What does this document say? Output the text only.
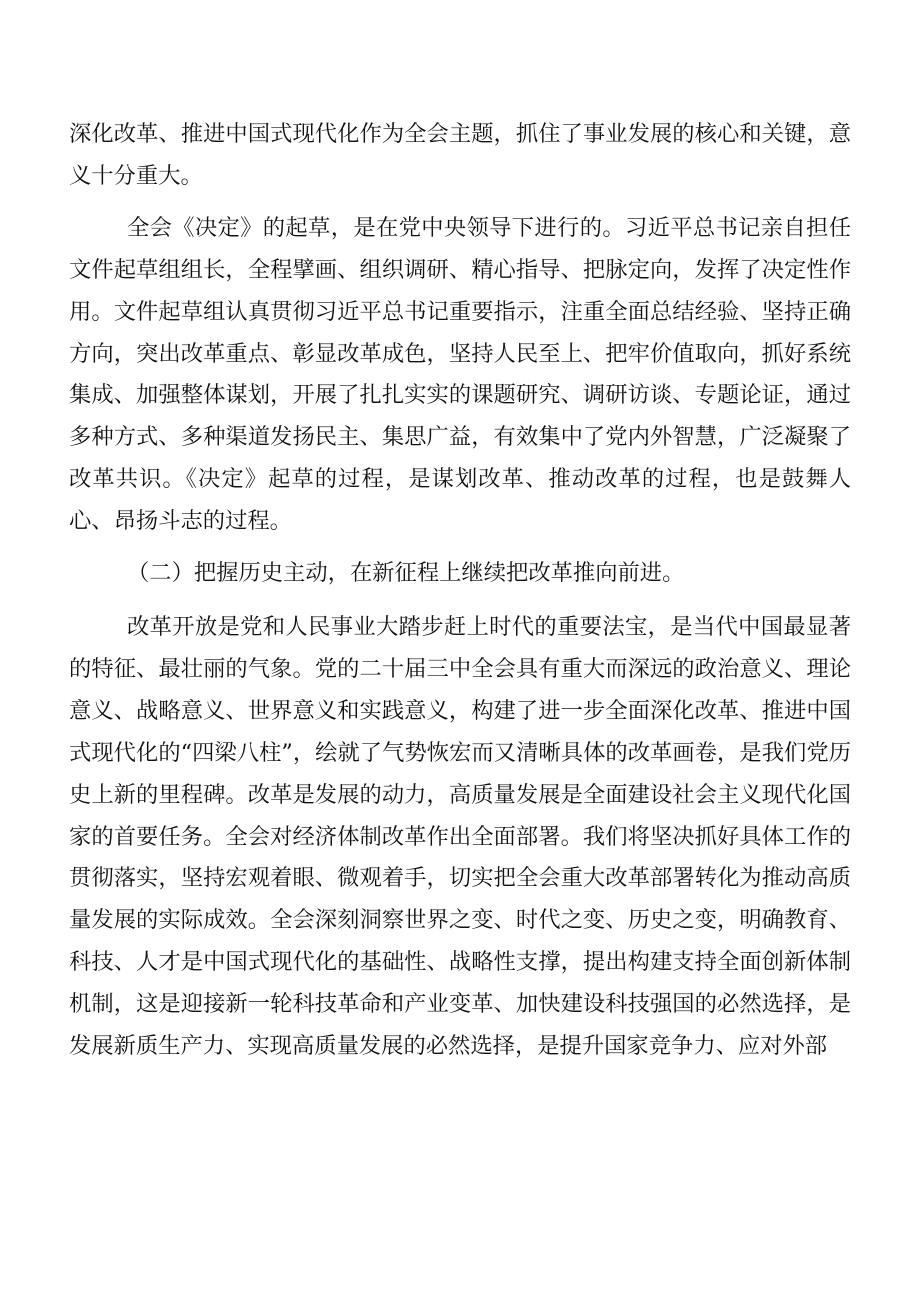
深化改革、推进中国式现代化作为全会主题，抓住了事业发展的核心和关键，意义十分重大。

全会《决定》的起草，是在党中央领导下进行的。习近平总书记亲自担任文件起草组组长，全程擘画、组织调研、精心指导、把脉定向，发挥了决定性作用。文件起草组认真贯彻习近平总书记重要指示，注重全面总结经验、坚持正确方向，突出改革重点、彰显改革成色，坚持人民至上、把牢价值取向，抓好系统集成、加强整体谋划，开展了扎扎实实的课题研究、调研访谈、专题论证，通过多种方式、多种渠道发扬民主、集思广益，有效集中了党内外智慧，广泛凝聚了改革共识。《决定》起草的过程，是谋划改革、推动改革的过程，也是鼓舞人心、昂扬斗志的过程。

（二）把握历史主动，在新征程上继续把改革推向前进。

改革开放是党和人民事业大踏步赶上时代的重要法宝，是当代中国最显著的特征、最壮丽的气象。党的二十届三中全会具有重大而深远的政治意义、理论意义、战略意义、世界意义和实践意义，构建了进一步全面深化改革、推进中国式现代化的“四梁八柱”，绘就了气势恢宏而又清晰具体的改革画卷，是我们党历史上新的里程碑。改革是发展的动力，高质量发展是全面建设社会主义现代化国家的首要任务。全会对经济体制改革作出全面部署。我们将坚决抓好具体工作的贯彻落实，坚持宏观着眼、微观着手，切实把全会重大改革部署转化为推动高质量发展的实际成效。全会深刻洞察世界之变、时代之变、历史之变，明确教育、科技、人才是中国式现代化的基础性、战略性支撑，提出构建支持全面创新体制机制，这是迎接新一轮科技革命和产业变革、加快建设科技强国的必然选择，是发展新质生产力、实现高质量发展的必然选择，是提升国家竞争力、应对外部
